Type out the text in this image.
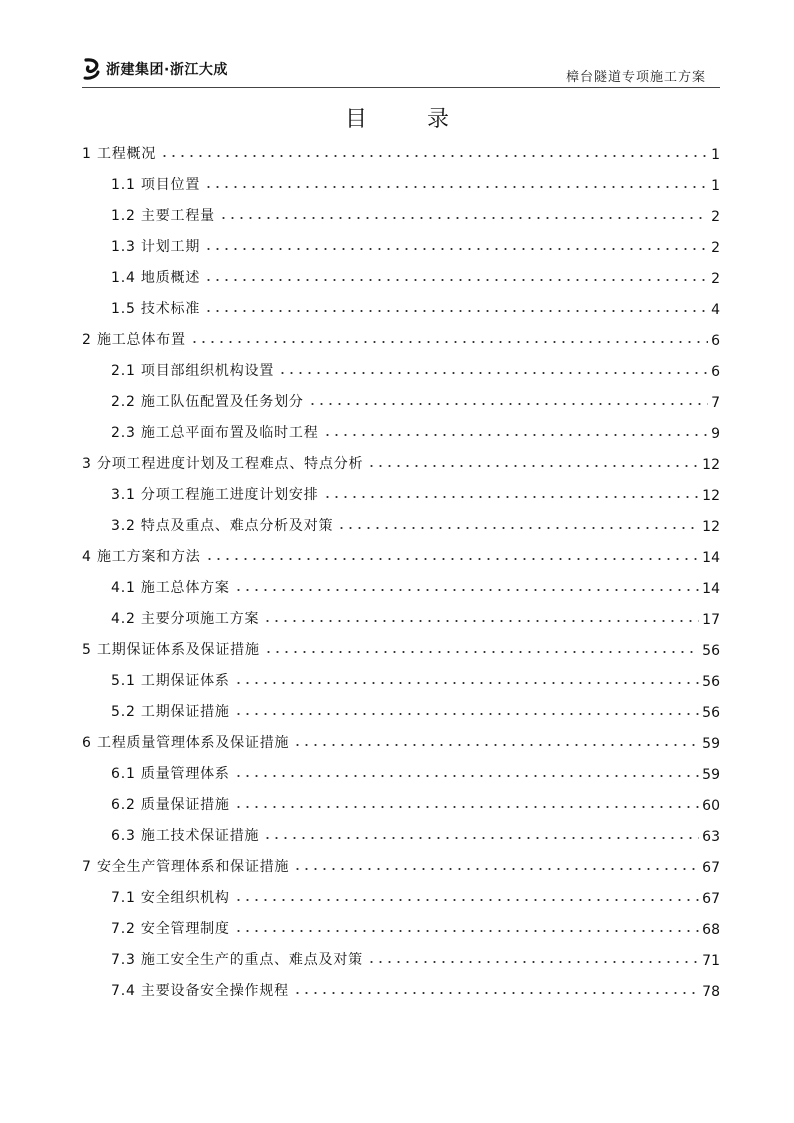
浙建集团·浙江大成	樟台隧道专项施工方案
目	录
1 工程概况	1
1.1 项目位置	1
1.2 主要工程量	2
1.3 计划工期	2
1.4 地质概述	2
1.5 技术标准	4
2 施工总体布置	6
2.1 项目部组织机构设置	6
2.2 施工队伍配置及任务划分	7
2.3 施工总平面布置及临时工程	9
3 分项工程进度计划及工程难点、特点分析	12
3.1 分项工程施工进度计划安排	12
3.2 特点及重点、难点分析及对策	12
4 施工方案和方法	14
4.1 施工总体方案	14
4.2 主要分项施工方案	17
5 工期保证体系及保证措施	56
5.1 工期保证体系	56
5.2 工期保证措施	56
6 工程质量管理体系及保证措施	59
6.1 质量管理体系	59
6.2 质量保证措施	60
6.3 施工技术保证措施	63
7 安全生产管理体系和保证措施	67
7.1 安全组织机构	67
7.2 安全管理制度	68
7.3 施工安全生产的重点、难点及对策	71
7.4 主要设备安全操作规程	78
